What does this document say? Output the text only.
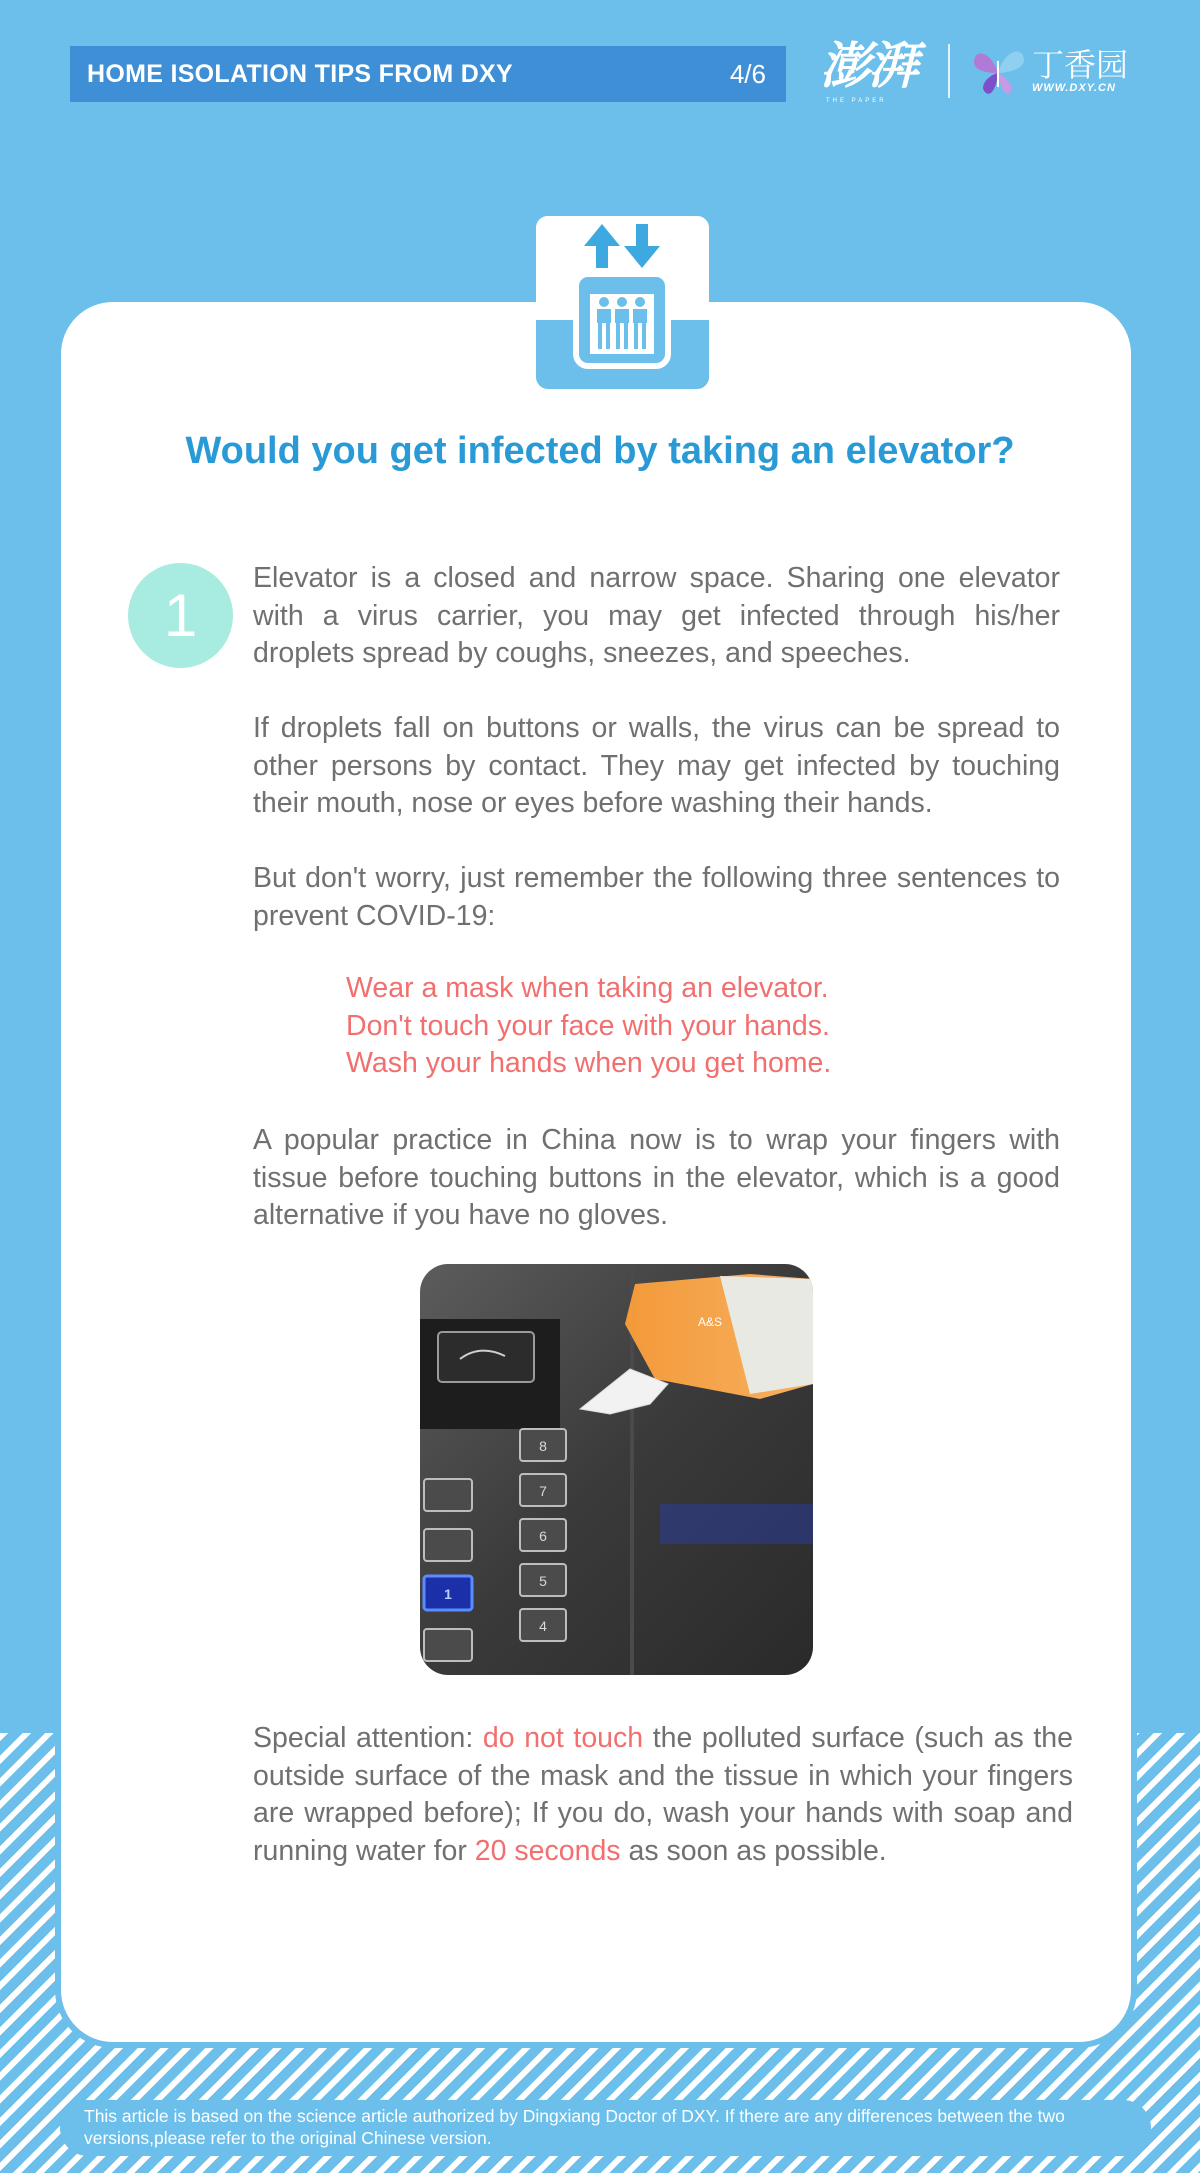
HOME ISOLATION TIPS FROM DXY	4/6 澎湃
THE PAPER
丁香园
WWW.DXY.CN
Would you get infected by taking an elevator?
1

Elevator is a closed and narrow space. Sharing one elevator with a virus carrier, you may get infected through his/her droplets spread by coughs, sneezes, and speeches.

If droplets fall on buttons or walls, the virus can be spread to other persons by contact. They may get infected by touching their mouth, nose or eyes before washing their hands.

But don't worry, just remember the following three sentences to prevent COVID-19:

Wear a mask when taking an elevator.
Don't touch your face with your hands.
Wash your hands when you get home.

A popular practice in China now is to wrap your fingers with tissue before touching buttons in the elevator, which is a good alternative if you have no gloves.

A&S
8
7
6
5
4
1

Special attention: do not touch the polluted surface (such as the outside surface of the mask and the tissue in which your fingers are wrapped before); If you do, wash your hands with soap and running water for 20 seconds as soon as possible.

This article is based on the science article authorized by Dingxiang Doctor of DXY. If there are any differences between the two versions,please refer to the original Chinese version.
